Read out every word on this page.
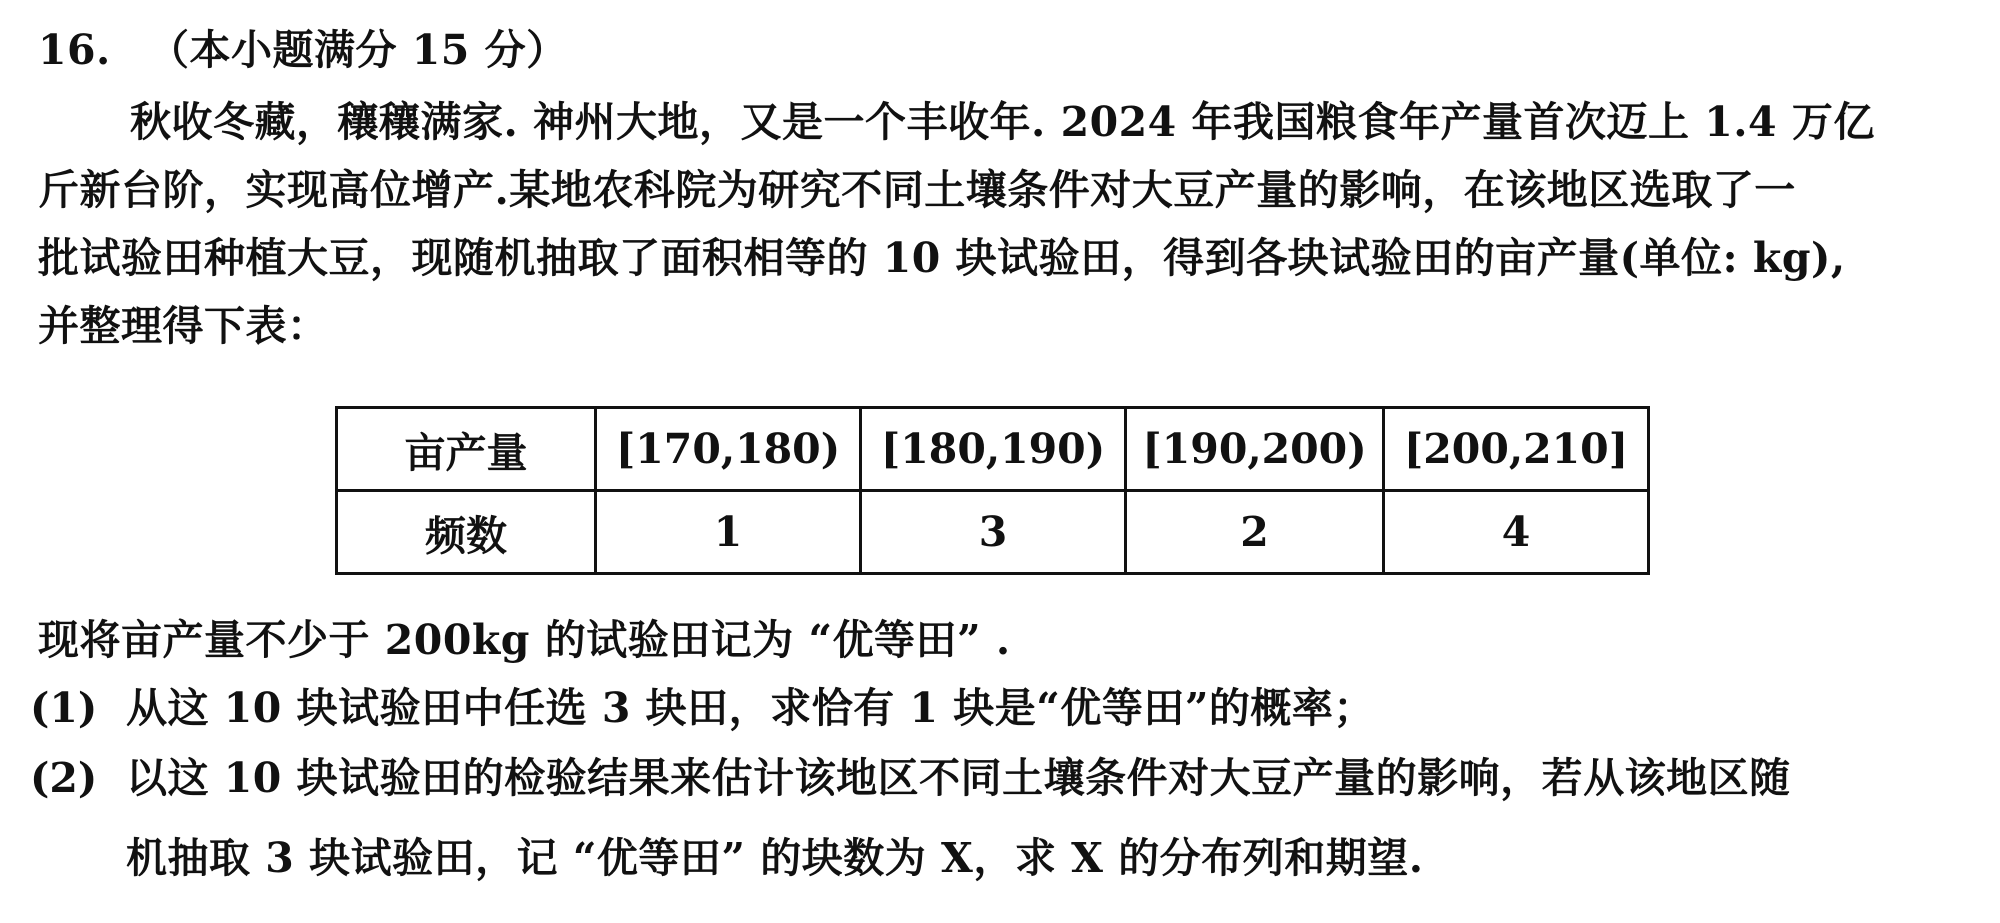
16. （本小题满分 15 分）
秋收冬藏，穰穰满家. 神州大地，又是一个丰收年. 2024 年我国粮食年产量首次迈上 1.4 万亿
斤新台阶，实现高位增产.某地农科院为研究不同土壤条件对大豆产量的影响，在该地区选取了一
批试验田种植大豆，现随机抽取了面积相等的 10 块试验田，得到各块试验田的亩产量(单位: kg),
并整理得下表：
亩产量	[170,180)	[180,190)	[190,200)	[200,210]
频数	1	3	2	4
现将亩产量不少于 200kg 的试验田记为 “优等田” .
(1) 从这 10 块试验田中任选 3 块田，求恰有 1 块是“优等田”的概率；
(2) 以这 10 块试验田的检验结果来估计该地区不同土壤条件对大豆产量的影响，若从该地区随
机抽取 3 块试验田，记 “优等田” 的块数为 X，求 X 的分布列和期望.
